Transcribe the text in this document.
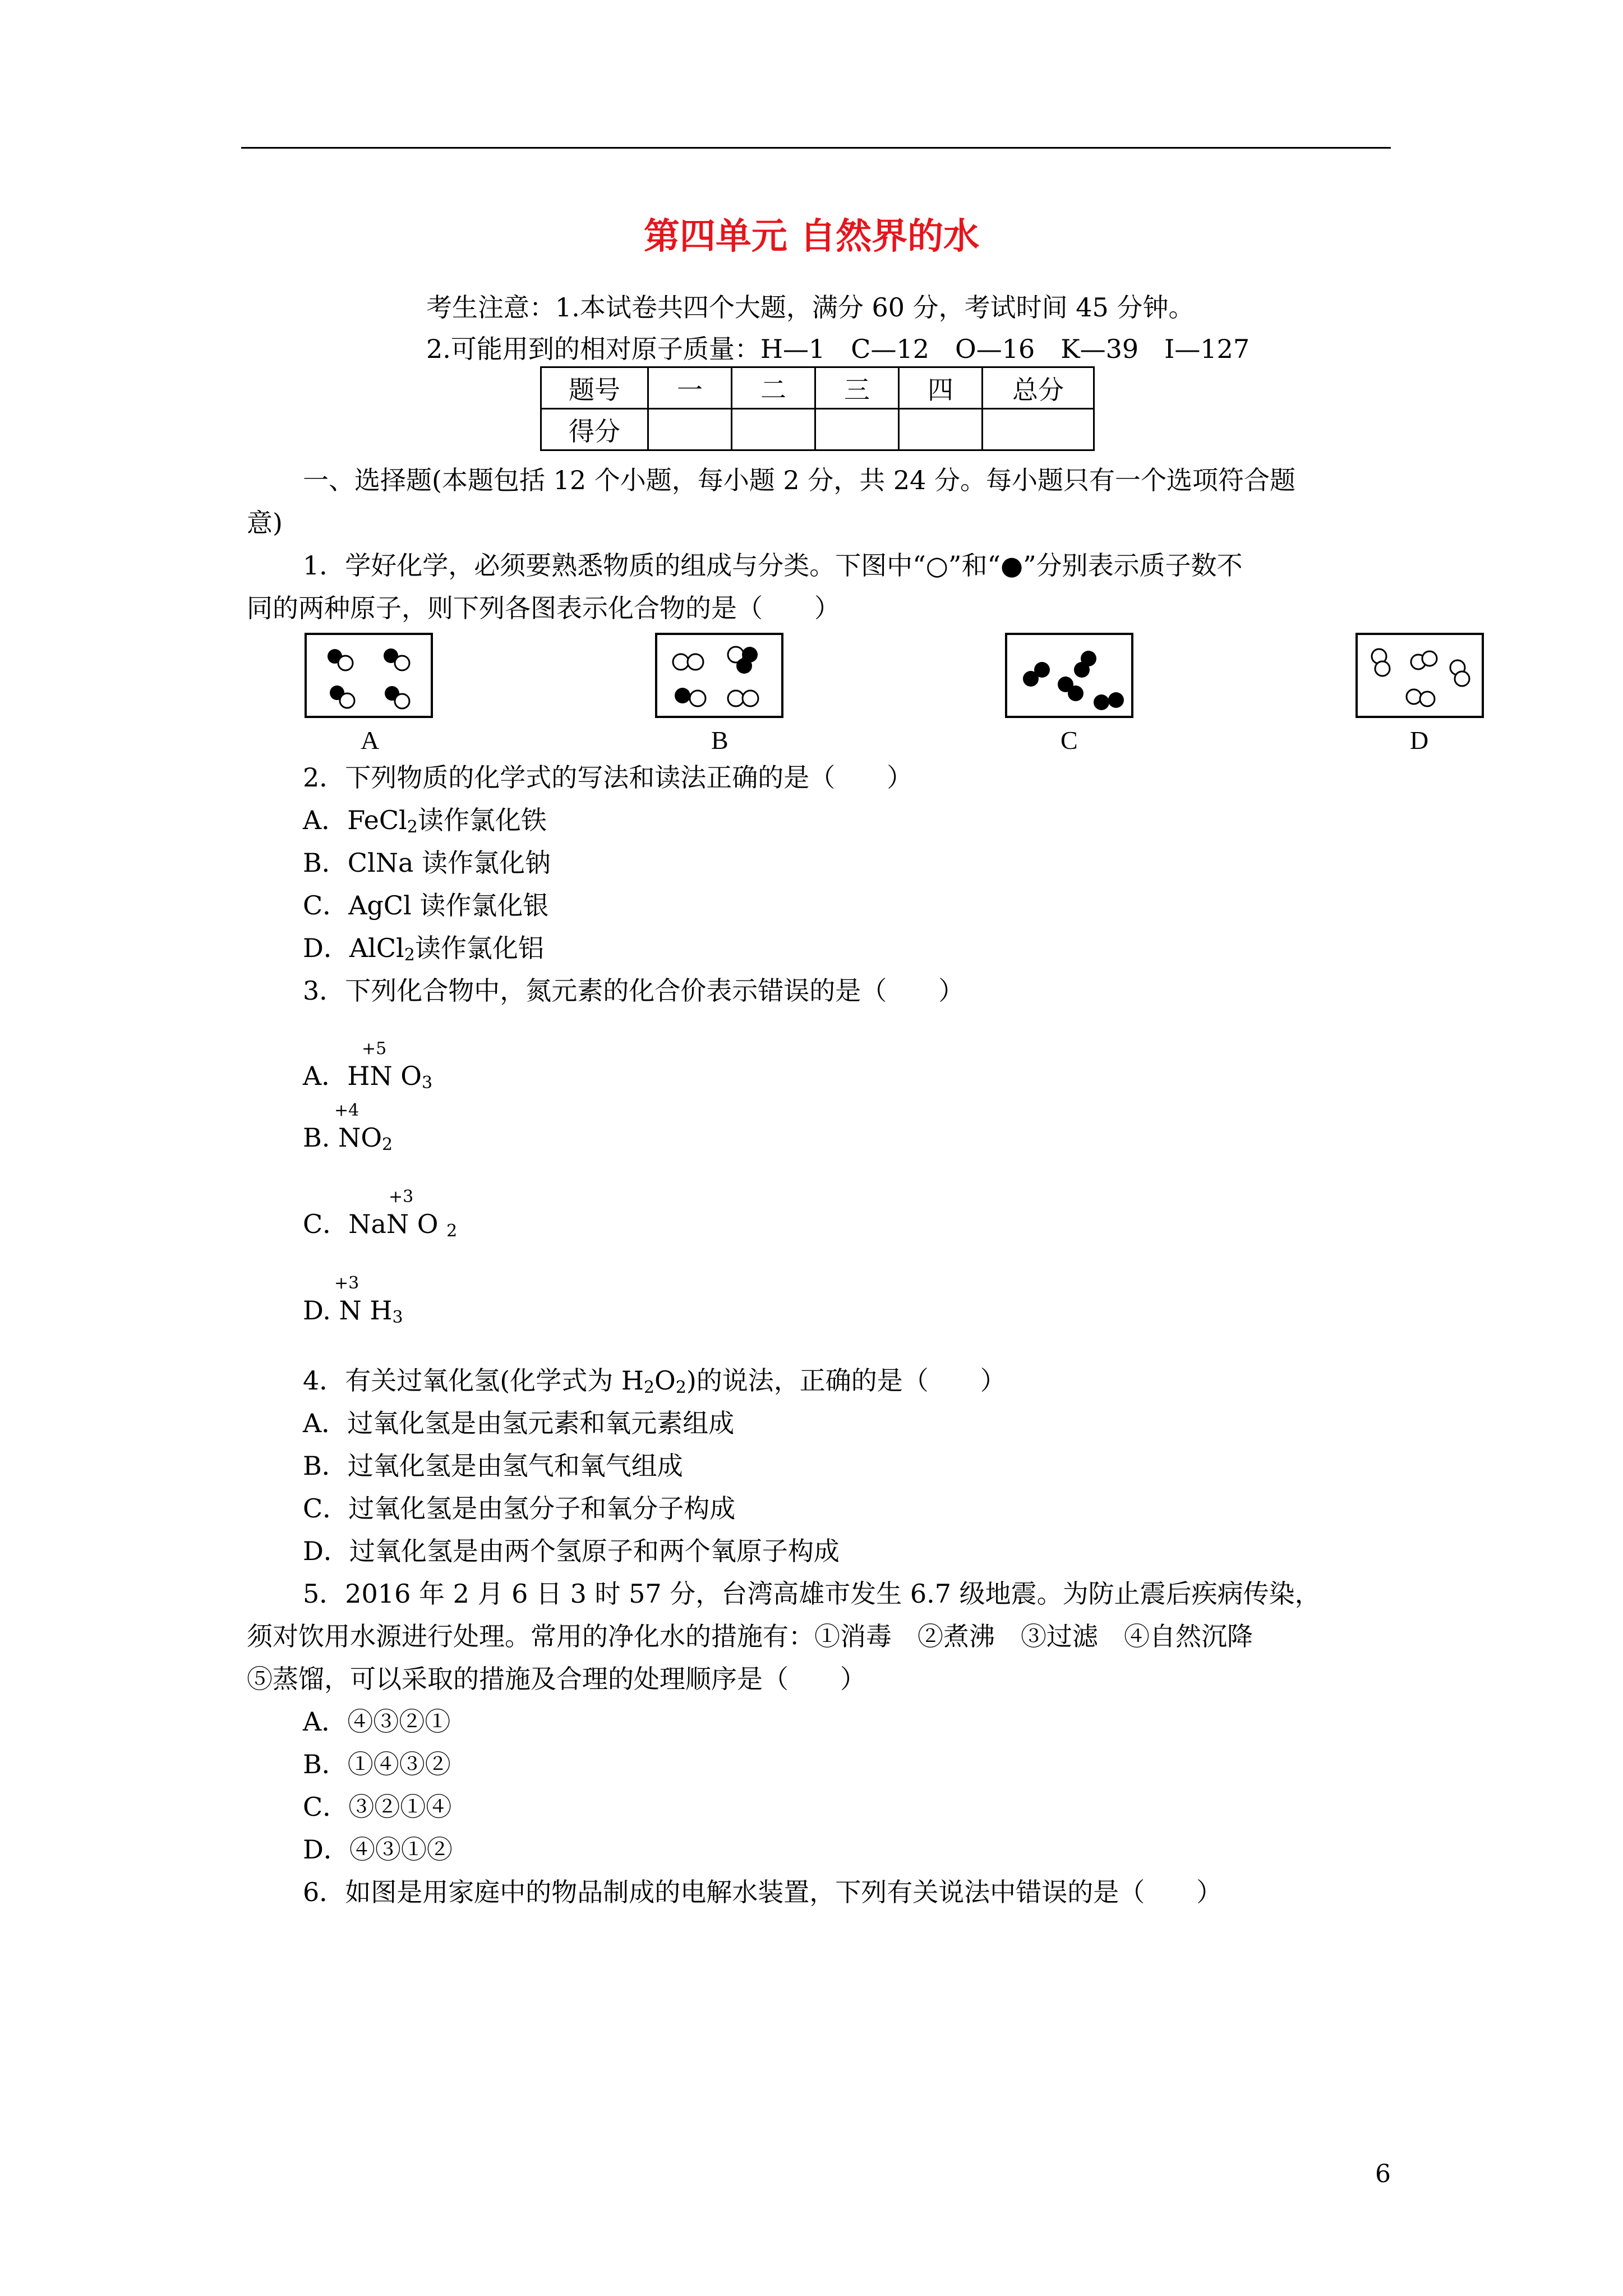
第四单元 自然界的水
考生注意：1.本试卷共四个大题，满分 60 分，考试时间 45 分钟。
2.可能用到的相对原子质量：H—1　C—12　O—16　K—39　I—127
题号	一	二	三	四	总分
得分					
一、选择题(本题包括 12 个小题，每小题 2 分，共 24 分。每小题只有一个选项符合题
意)
1．学好化学，必须要熟悉物质的组成与分类。下图中“○”和“●”分别表示质子数不
同的两种原子，则下列各图表示化合物的是（　　）
A	B	C	D
2．下列物质的化学式的写法和读法正确的是（　　）
A．FeCl$_2$读作氯化铁
B．ClNa 读作氯化钠
C．AgCl 读作氯化银
D．AlCl$_2$读作氯化铝
3．下列化合物中，氮元素的化合价表示错误的是（　　）
+5
A．HN $O_3$
+4
B. $NO_2$
+3
C．NaN O $_2$
+3
D. N $H_3$
4．有关过氧化氢(化学式为 $H_2O_2$)的说法，正确的是（　　）
A．过氧化氢是由氢元素和氧元素组成
B．过氧化氢是由氢气和氧气组成
C．过氧化氢是由氢分子和氧分子构成
D．过氧化氢是由两个氢原子和两个氧原子构成
5．2016 年 2 月 6 日 3 时 57 分，台湾高雄市发生 6.7 级地震。为防止震后疾病传染，
须对饮用水源进行处理。常用的净化水的措施有：①消毒　②煮沸　③过滤　④自然沉降
⑤蒸馏，可以采取的措施及合理的处理顺序是（　　）
A．④③②①
B．①④③②
C．③②①④
D．④③①②
6．如图是用家庭中的物品制成的电解水装置，下列有关说法中错误的是（　　）
6
